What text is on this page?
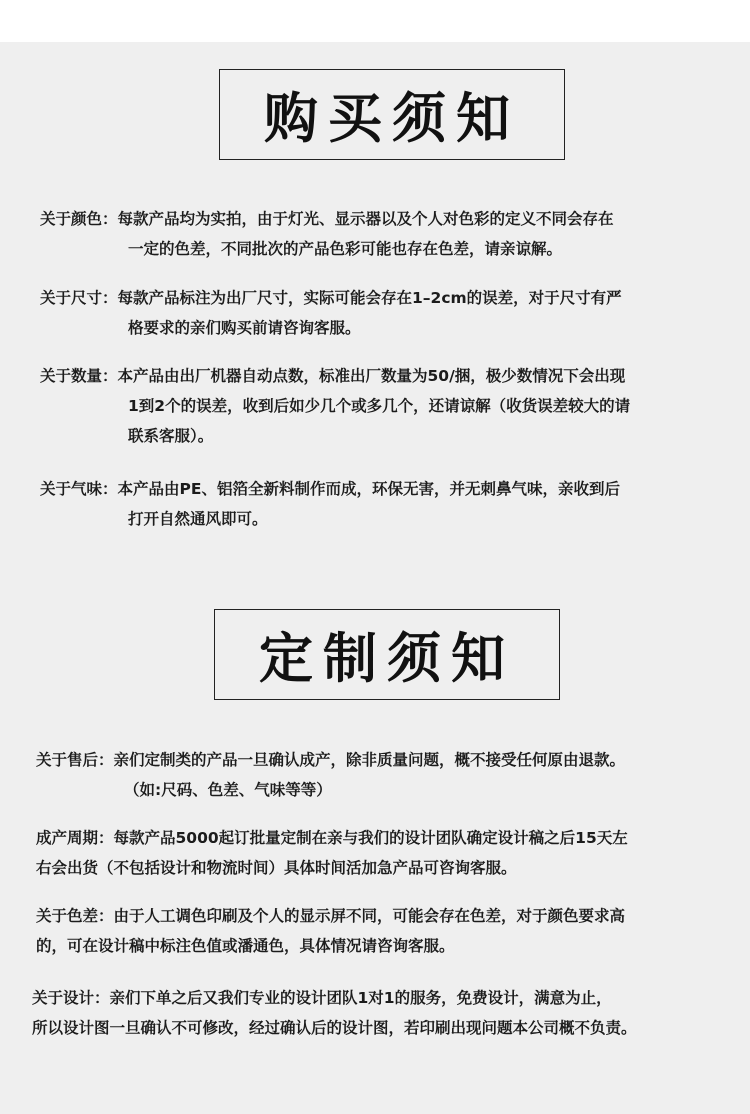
购买须知
关于颜色： 每款产品均为实拍，由于灯光、显示器以及个人对色彩的定义不同会存在
一定的色差，不同批次的产品色彩可能也存在色差，请亲谅解。
关于尺寸： 每款产品标注为出厂尺寸，实际可能会存在1–2cm的误差，对于尺寸有严
格要求的亲们购买前请咨询客服。
关于数量： 本产品由出厂机器自动点数，标准出厂数量为50/捆，极少数情况下会出现
1到2个的误差，收到后如少几个或多几个，还请谅解（收货误差较大的请
联系客服）。
关于气味： 本产品由PE、铝箔全新料制作而成，环保无害，并无刺鼻气味，亲收到后
打开自然通风即可。
定制须知
关于售后： 亲们定制类的产品一旦确认成产，除非质量问题，概不接受任何原由退款。
（如:尺码、色差、气味等等）
成产周期： 每款产品5000起订批量定制在亲与我们的设计团队确定设计稿之后15天左
右会出货（不包括设计和物流时间）具体时间活加急产品可咨询客服。
关于色差： 由于人工调色印刷及个人的显示屏不同，可能会存在色差，对于颜色要求高
的，可在设计稿中标注色值或潘通色，具体情况请咨询客服。
关于设计： 亲们下单之后又我们专业的设计团队1对1的服务，免费设计，满意为止，
所以设计图一旦确认不可修改，经过确认后的设计图，若印刷出现问题本公司概不负责。
